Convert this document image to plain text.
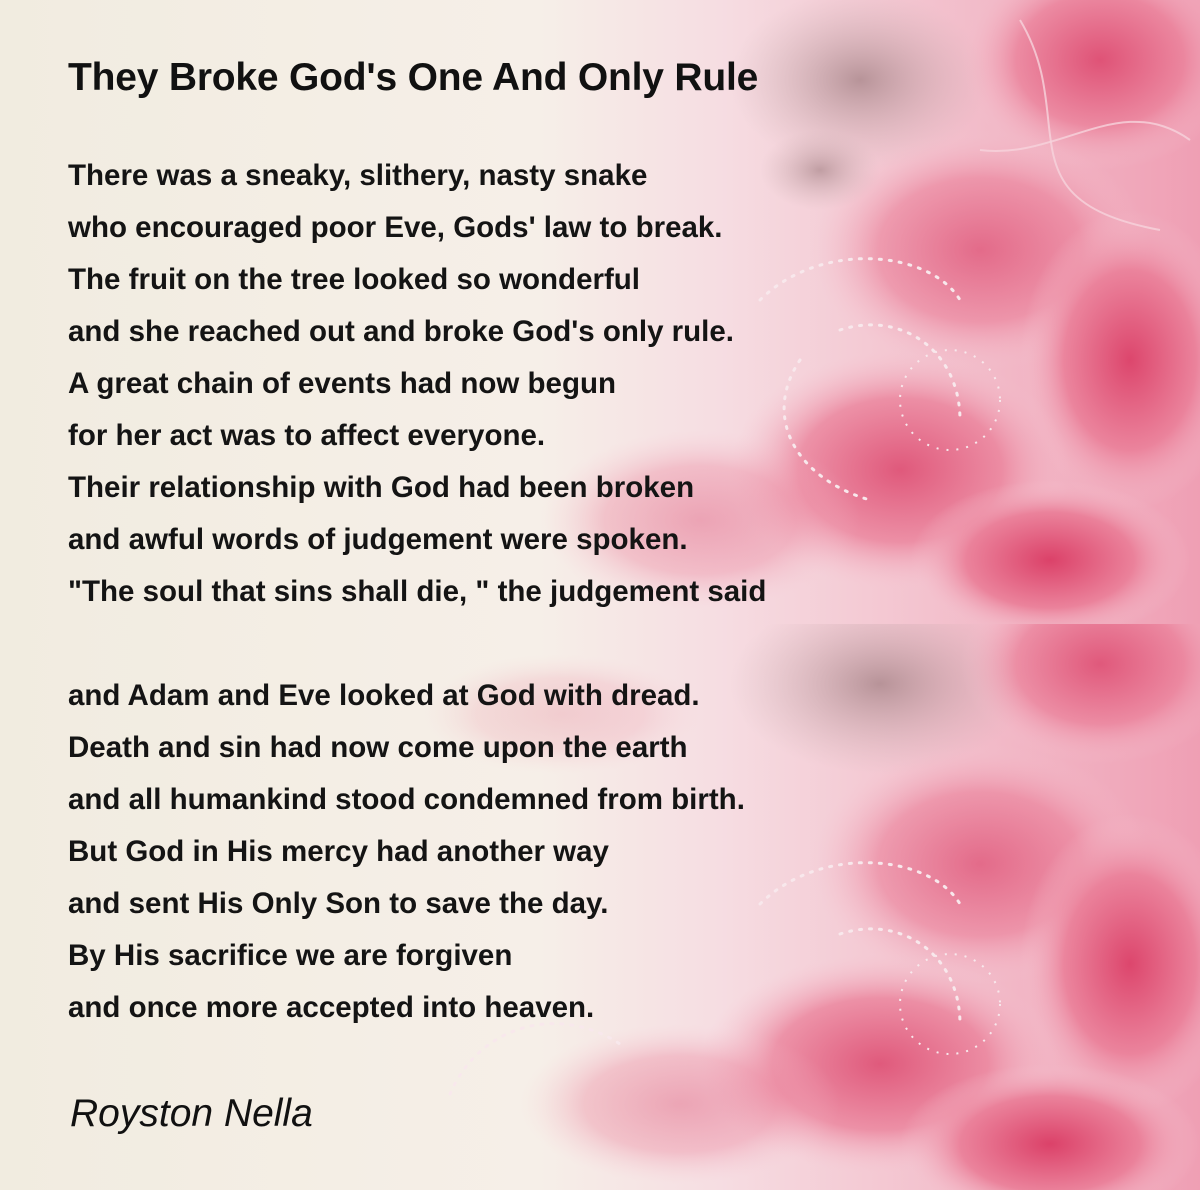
They Broke God's One And Only Rule
There was a sneaky, slithery, nasty snake
who encouraged poor Eve, Gods' law to break.
The fruit on the tree looked so wonderful
and she reached out and broke God's only rule.
A great chain of events had now begun
for her act was to affect everyone.
Their relationship with God had been broken
and awful words of judgement were spoken.
"The soul that sins shall die, " the judgement said
and Adam and Eve looked at God with dread.
Death and sin had now come upon the earth
and all humankind stood condemned from birth.
But God in His mercy had another way
and sent His Only Son to save the day.
By His sacrifice we are forgiven
and once more accepted into heaven.

Royston Nella
